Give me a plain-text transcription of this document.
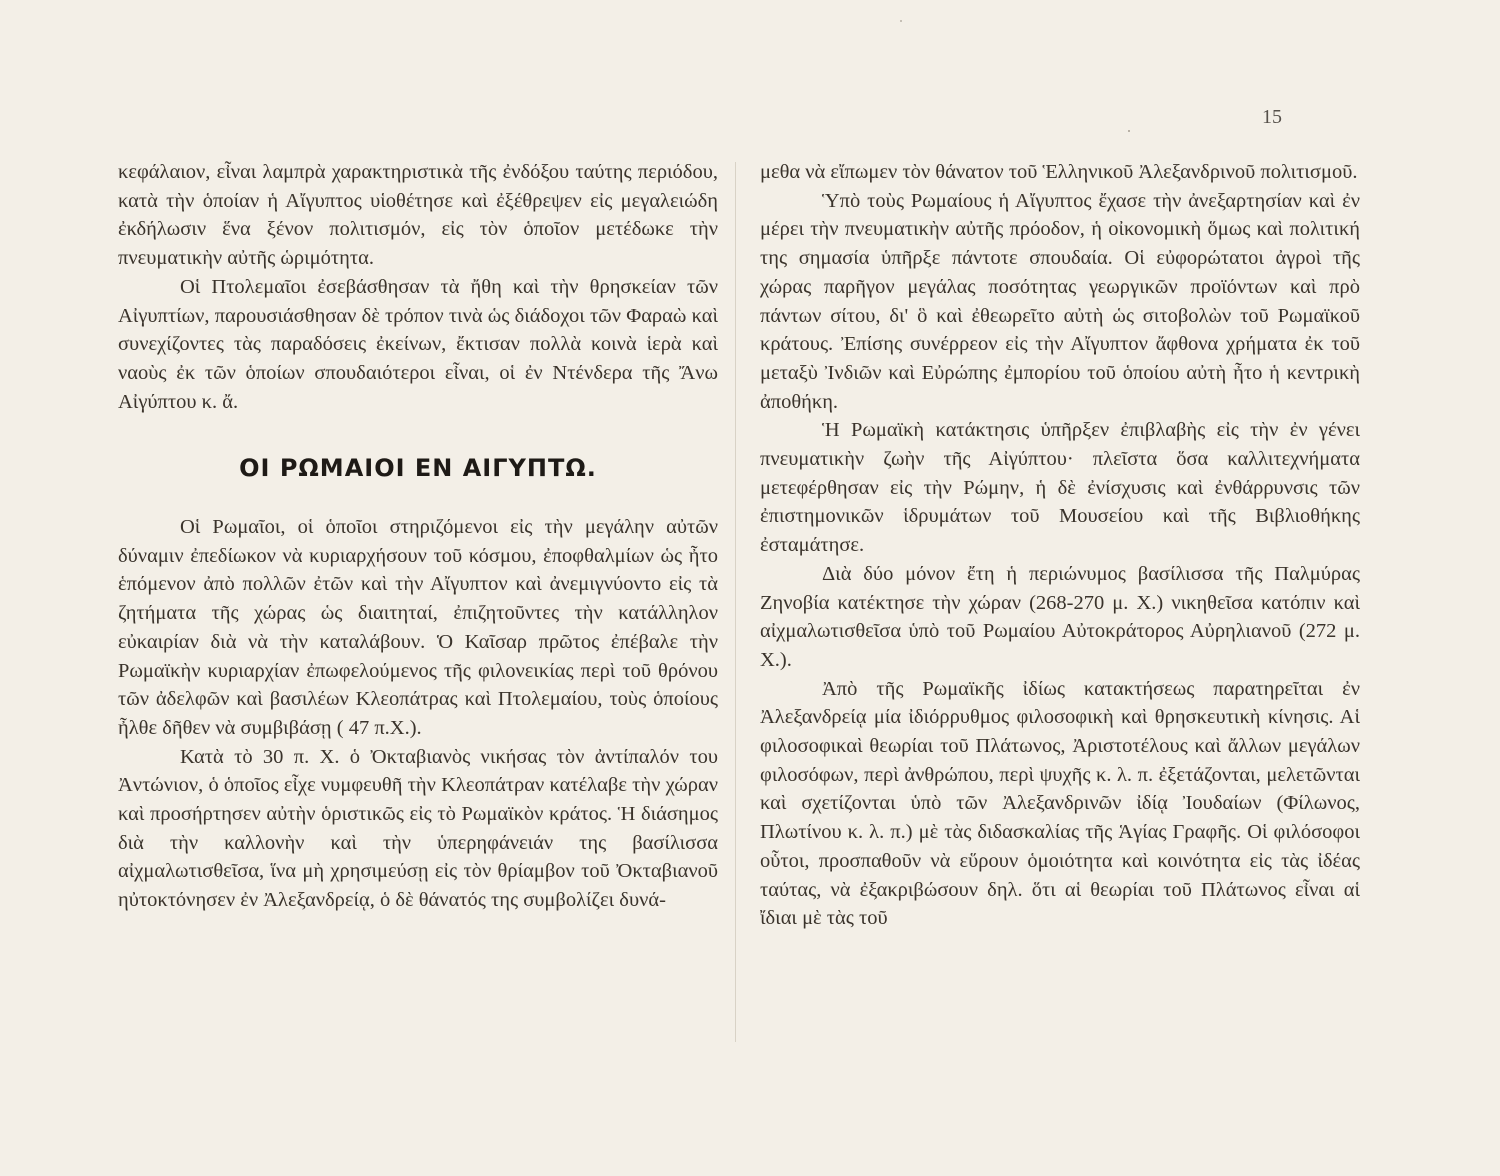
15

κεφάλαιον, εἶναι λαμπρὰ χαρακτηριστικὰ τῆς ἐνδόξου ταύτης περιόδου, κατὰ τὴν ὁποίαν ἡ Αἴγυπτος υἱοθέτησε καὶ ἐξέθρεψεν εἰς μεγαλειώδη ἐκδήλωσιν ἕνα ξένον πολιτισμόν, εἰς τὸν ὁποῖον μετέδωκε τὴν πνευματικὴν αὐτῆς ὡριμότητα.

Οἱ Πτολεμαῖοι ἐσεβάσθησαν τὰ ἤθη καὶ τὴν θρησκείαν τῶν Αἰγυπτίων, παρουσιάσθησαν δὲ τρόπον τινὰ ὡς διάδοχοι τῶν Φαραὼ καὶ συνεχίζοντες τὰς παραδόσεις ἐκείνων, ἔκτισαν πολλὰ κοινὰ ἱερὰ καὶ ναοὺς ἐκ τῶν ὁποίων σπουδαιότεροι εἶναι, οἱ ἐν Ντένδερα τῆς Ἄνω Αἰγύπτου κ. ἄ.

ΟΙ ΡΩΜΑΙΟΙ ΕΝ ΑΙΓΥΠΤΩ.

Οἱ Ρωμαῖοι, οἱ ὁποῖοι στηριζόμενοι εἰς τὴν μεγάλην αὐτῶν δύναμιν ἐπεδίωκον νὰ κυριαρχήσουν τοῦ κόσμου, ἐποφθαλμίων ὡς ἦτο ἑπόμενον ἀπὸ πολλῶν ἐτῶν καὶ τὴν Αἴγυπτον καὶ ἀνεμιγνύοντο εἰς τὰ ζητήματα τῆς χώρας ὡς διαιτηταί, ἐπιζητοῦντες τὴν κατάλληλον εὐκαιρίαν διὰ νὰ τὴν καταλάβουν. Ὁ Καῖσαρ πρῶτος ἐπέβαλε τὴν Ρωμαϊκὴν κυριαρχίαν ἐπωφελούμενος τῆς φιλονεικίας περὶ τοῦ θρόνου τῶν ἀδελφῶν καὶ βασιλέων Κλεοπάτρας καὶ Πτολεμαίου, τοὺς ὁποίους ἦλθε δῆθεν νὰ συμβιβάσῃ ( 47 π.Χ.).

Κατὰ τὸ 30 π. Χ. ὁ Ὀκταβιανὸς νικήσας τὸν ἀντίπαλόν του Ἀντώνιον, ὁ ὁποῖος εἶχε νυμφευθῆ τὴν Κλεοπάτραν κατέλαβε τὴν χώραν καὶ προσήρτησεν αὐτὴν ὁριστικῶς εἰς τὸ Ρωμαϊκὸν κράτος. Ἡ διάσημος διὰ τὴν καλλονὴν καὶ τὴν ὑπερηφάνειάν της βασίλισσα αἰχμαλωτισθεῖσα, ἵνα μὴ χρησιμεύσῃ εἰς τὸν θρίαμβον τοῦ Ὀκταβιανοῦ ηὐτοκτόνησεν ἐν Ἀλεξανδρείᾳ, ὁ δὲ θάνατός της συμβολίζει δυνά-

μεθα νὰ εἴπωμεν τὸν θάνατον τοῦ Ἑλληνικοῦ Ἀλεξανδρινοῦ πολιτισμοῦ.

Ὑπὸ τοὺς Ρωμαίους ἡ Αἴγυπτος ἔχασε τὴν ἀνεξαρτησίαν καὶ ἐν μέρει τὴν πνευματικὴν αὐτῆς πρόοδον, ἡ οἰκονομικὴ ὅμως καὶ πολιτική της σημασία ὑπῆρξε πάντοτε σπουδαία. Οἱ εὐφορώτατοι ἀγροὶ τῆς χώρας παρῆγον μεγάλας ποσότητας γεωργικῶν προϊόντων καὶ πρὸ πάντων σίτου, δι' ὃ καὶ ἐθεωρεῖτο αὐτὴ ὡς σιτοβολὼν τοῦ Ρωμαϊκοῦ κράτους. Ἐπίσης συνέρρεον εἰς τὴν Αἴγυπτον ἄφθονα χρήματα ἐκ τοῦ μεταξὺ Ἰνδιῶν καὶ Εὐρώπης ἐμπορίου τοῦ ὁποίου αὐτὴ ἦτο ἡ κεντρικὴ ἀποθήκη.

Ἡ Ρωμαϊκὴ κατάκτησις ὑπῆρξεν ἐπιβλαβὴς εἰς τὴν ἐν γένει πνευματικὴν ζωὴν τῆς Αἰγύπτου· πλεῖστα ὅσα καλλιτεχνήματα μετεφέρθησαν εἰς τὴν Ρώμην, ἡ δὲ ἐνίσχυσις καὶ ἐνθάρρυνσις τῶν ἐπιστημονικῶν ἱδρυμάτων τοῦ Μουσείου καὶ τῆς Βιβλιοθήκης ἐσταμάτησε.

Διὰ δύο μόνον ἔτη ἡ περιώνυμος βασίλισσα τῆς Παλμύρας Ζηνοβία κατέκτησε τὴν χώραν (268-270 μ. Χ.) νικηθεῖσα κατόπιν καὶ αἰχμαλωτισθεῖσα ὑπὸ τοῦ Ρωμαίου Αὐτοκράτορος Αὐρηλιανοῦ (272 μ. Χ.).

Ἀπὸ τῆς Ρωμαϊκῆς ἰδίως κατακτήσεως παρατηρεῖται ἐν Ἀλεξανδρείᾳ μία ἰδιόρρυθμος φιλοσοφικὴ καὶ θρησκευτικὴ κίνησις. Αἱ φιλοσοφικαὶ θεωρίαι τοῦ Πλάτωνος, Ἀριστοτέλους καὶ ἄλλων μεγάλων φιλοσόφων, περὶ ἀνθρώπου, περὶ ψυχῆς κ. λ. π. ἐξετάζονται, μελετῶνται καὶ σχετίζονται ὑπὸ τῶν Ἀλεξανδρινῶν ἰδίᾳ Ἰουδαίων (Φίλωνος, Πλωτίνου κ. λ. π.) μὲ τὰς διδασκαλίας τῆς Ἁγίας Γραφῆς. Οἱ φιλόσοφοι οὗτοι, προσπαθοῦν νὰ εὕρουν ὁμοιότητα καὶ κοινότητα εἰς τὰς ἰδέας ταύτας, νὰ ἐξακριβώσουν δηλ. ὅτι αἱ θεωρίαι τοῦ Πλάτωνος εἶναι αἱ ἴδιαι μὲ τὰς τοῦ
